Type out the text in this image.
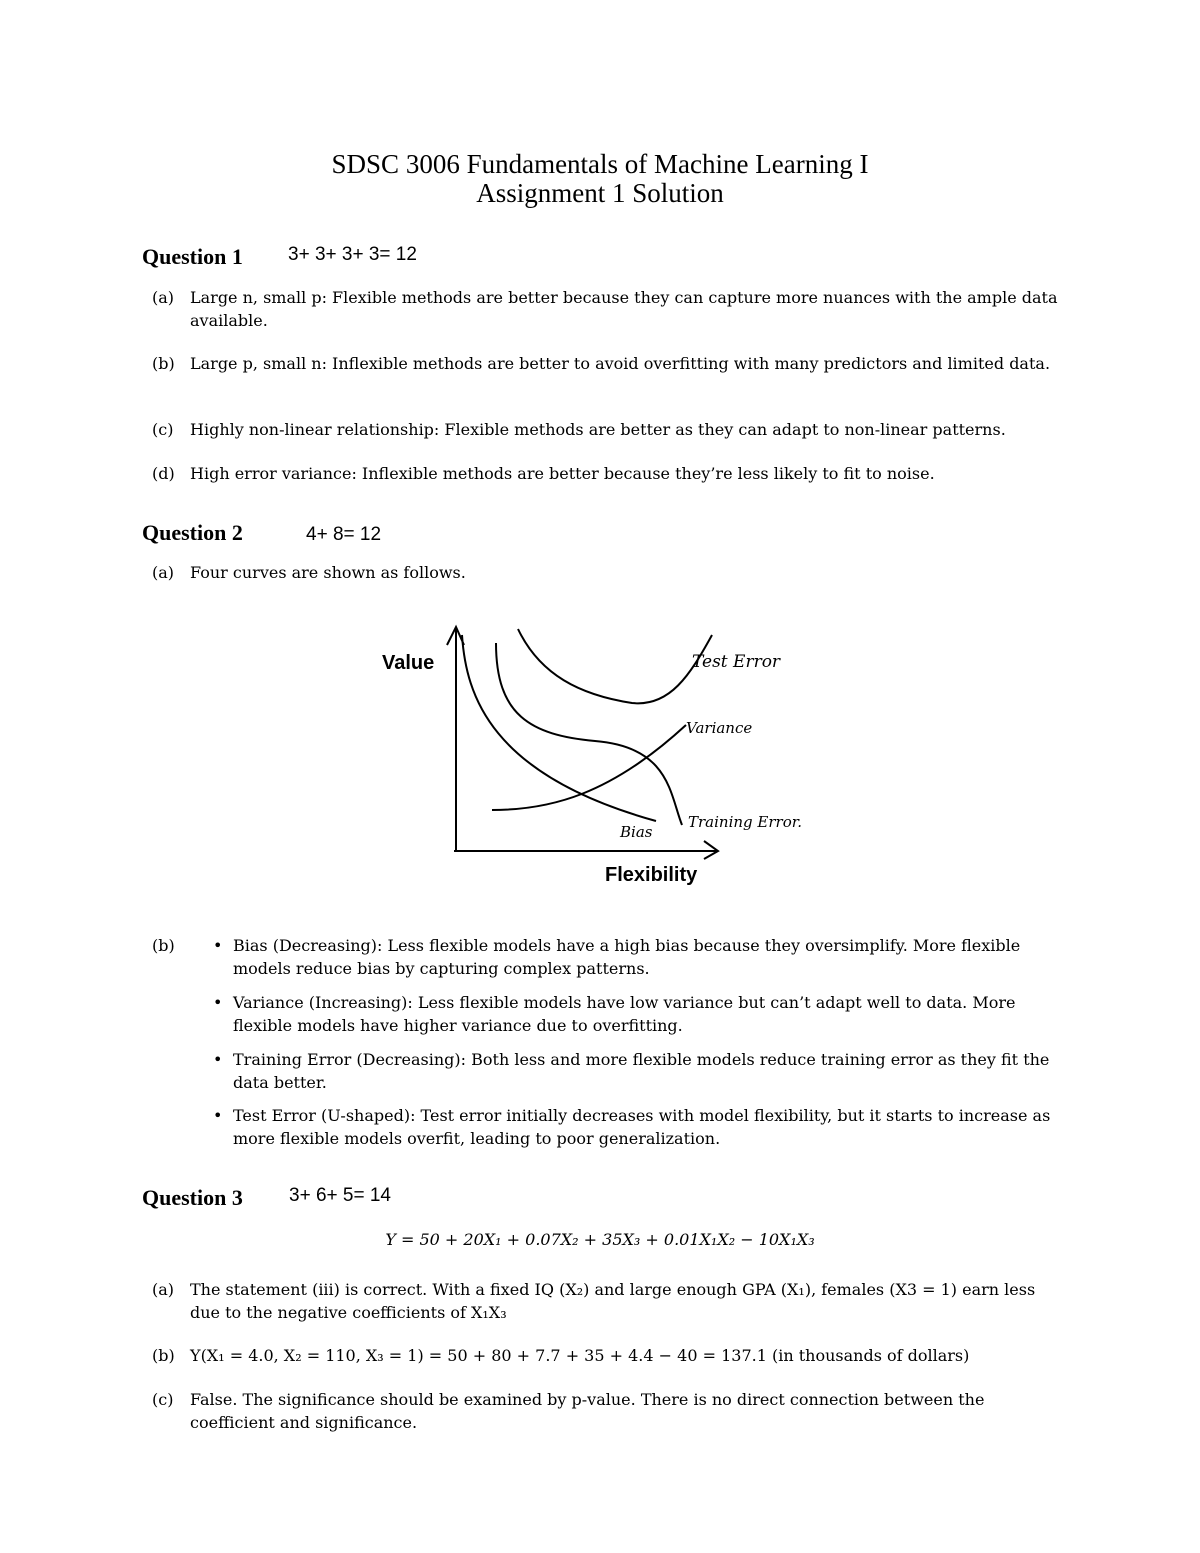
SDSC 3006 Fundamentals of Machine Learning I
Assignment 1 Solution
Question 1 3+ 3+ 3+ 3= 12
(a) Large n, small p: Flexible methods are better because they can capture more nuances with the ample data available.
(b) Large p, small n: Inflexible methods are better to avoid overfitting with many predictors and limited data.
(c) Highly non-linear relationship: Flexible methods are better as they can adapt to non-linear patterns.
(d) High error variance: Inflexible methods are better because they’re less likely to fit to noise.
Question 2	4+ 8= 12
(a) Four curves are shown as follows.
Value
Flexibility
Test Error
Variance
Training Error.
Bias
(b) • Bias (Decreasing): Less flexible models have a high bias because they oversimplify. More flexible models reduce bias by capturing complex patterns.
• Variance (Increasing): Less flexible models have low variance but can’t adapt well to data. More flexible models have higher variance due to overfitting.
• Training Error (Decreasing): Both less and more flexible models reduce training error as they fit the data better.
• Test Error (U-shaped): Test error initially decreases with model flexibility, but it starts to increase as more flexible models overfit, leading to poor generalization.
Question 3 3+ 6+ 5= 14
Y = 50 + 20X₁ + 0.07X₂ + 35X₃ + 0.01X₁X₂ − 10X₁X₃
(a) The statement (iii) is correct. With a fixed IQ (X₂) and large enough GPA (X₁), females (X3 = 1) earn less due to the negative coefficients of X₁X₃
(b) Y(X₁ = 4.0, X₂ = 110, X₃ = 1) = 50 + 80 + 7.7 + 35 + 4.4 − 40 = 137.1 (in thousands of dollars)
(c) False. The significance should be examined by p-value. There is no direct connection between the coefficient and significance.
